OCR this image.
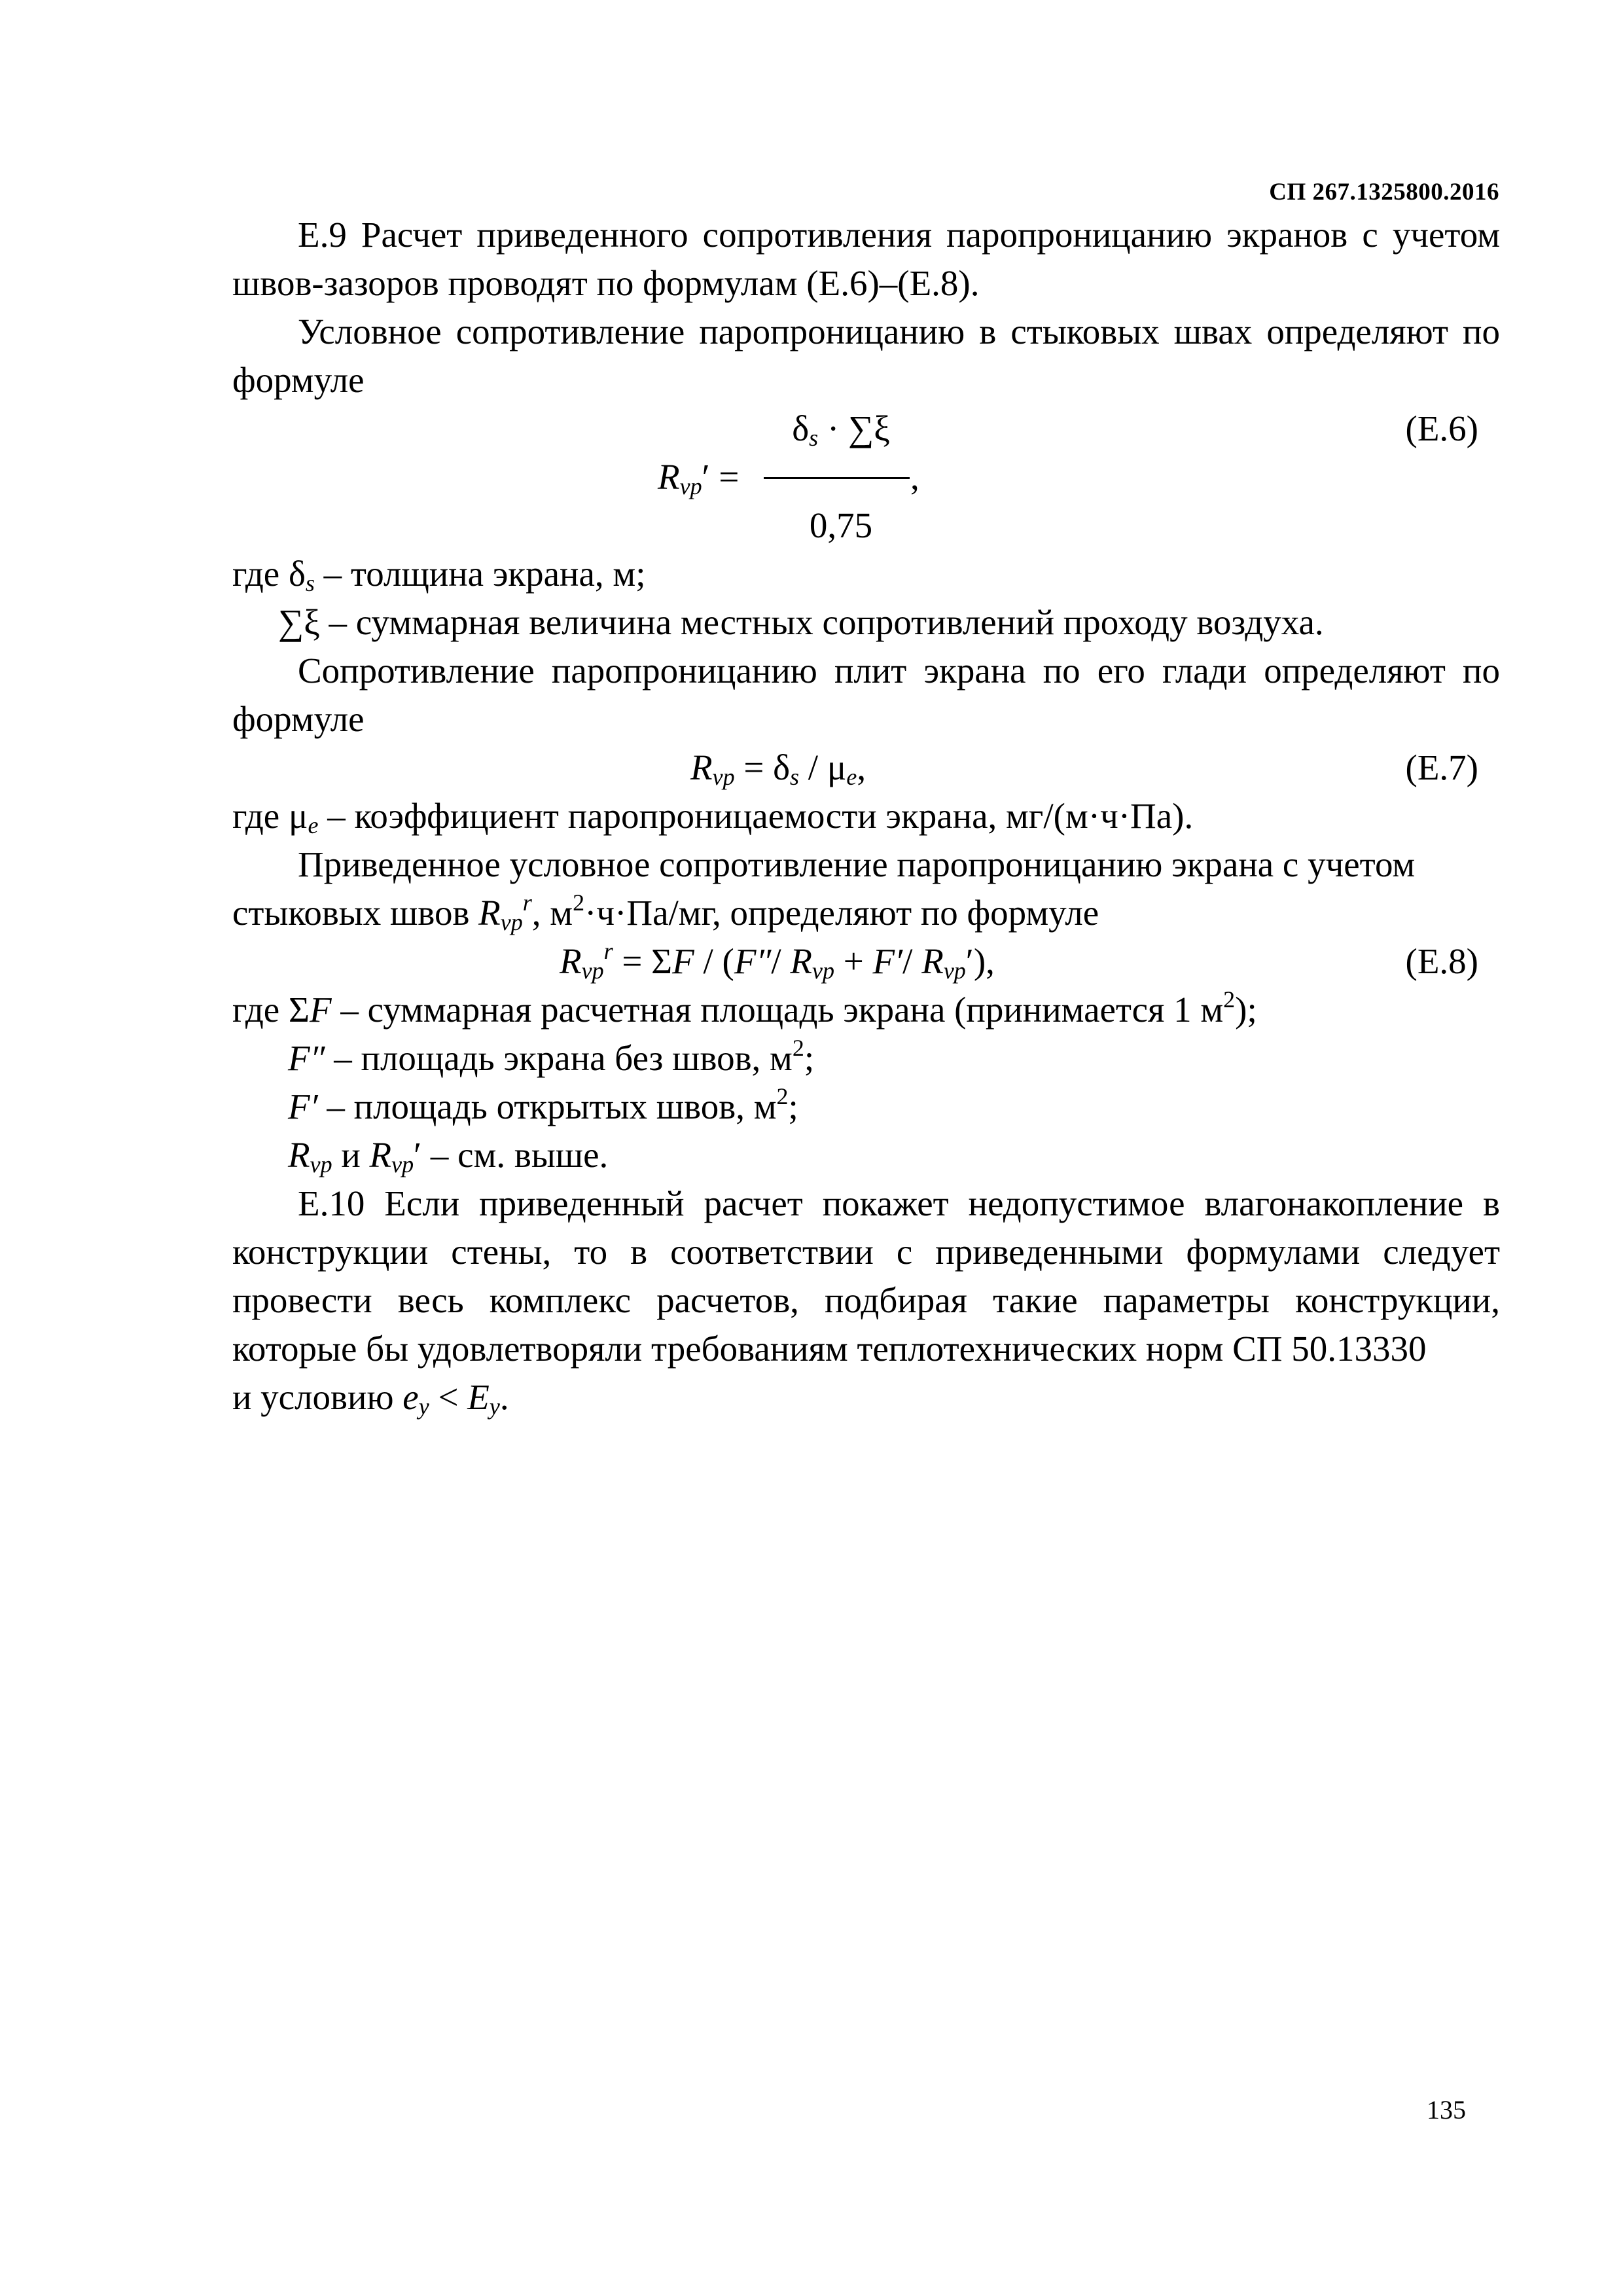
СП 267.1325800.2016

Е.9 Расчет приведенного сопротивления паропроницанию экранов с учетом швов-зазоров проводят по формулам (Е.6)–(Е.8).

Условное сопротивление паропроницанию в стыковых швах определяют по формуле

$\delta_s \cdot \sum\xi$
$R_{vp}'$ =	,
0,75
(Е.6)

где $\delta_s$ – толщина экрана, м;

∑ξ – суммарная величина местных сопротивлений проходу воздуха.

Сопротивление паропроницанию плит экрана по его глади определяют по формуле

$R_{vp} = \delta_s / \mu_e$,	(Е.7)

где $\mu_e$ – коэффициент паропроницаемости экрана, мг/(м·ч·Па).

Приведенное условное сопротивление паропроницанию экрана с учетом

стыковых швов $R_{vp}^r$, $м^2\cdot ч\cdot Па/мг$, определяют по формуле

$R_{vp}^r = \Sigma F / (F''/$ $R_{vp} + F'/$ $R_{vp}'$),	(Е.8)

где ΣF – суммарная расчетная площадь экрана (принимается 1 $м^2$);

F″ – площадь экрана без швов, $м^2$;

F′ – площадь открытых швов, $м^2$;

$R_{vp}$ и $R_{vp}'$ – см. выше.

Е.10 Если приведенный расчет покажет недопустимое влагонакопление в конструкции стены, то в соответствии с приведенными формулами следует провести весь комплекс расчетов, подбирая такие параметры конструкции, которые бы удовлетворяли требованиям теплотехнических норм СП 50.13330

и условию $e_y < E_y$.

135
